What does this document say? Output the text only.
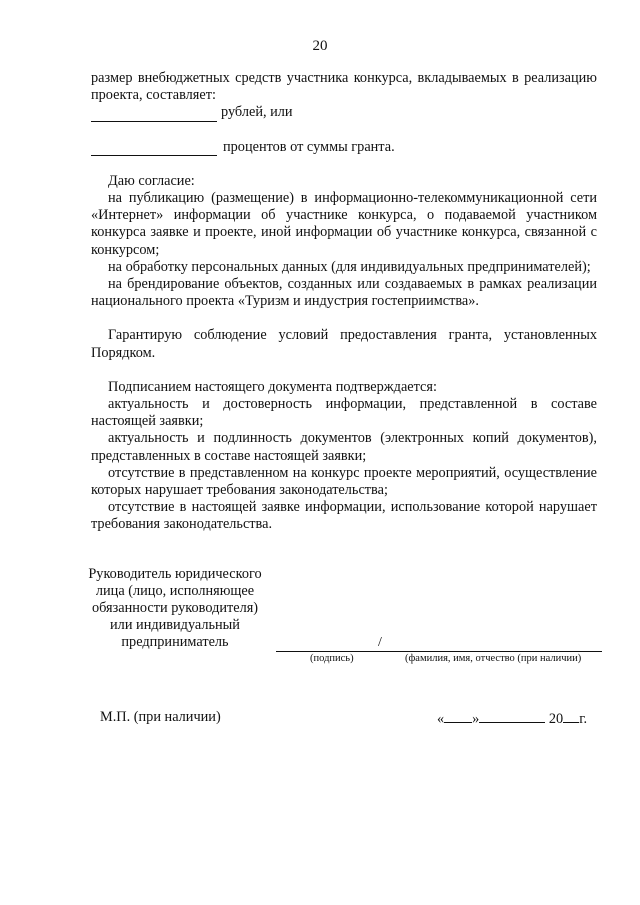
20

размер внебюджетных средств участника конкурса, вкладываемых в реализацию проекта, составляет:

рублей, или
процентов от суммы гранта.

Даю согласие:

на публикацию (размещение) в информационно-телекоммуникационной сети «Интернет» информации об участнике конкурса, о подаваемой участником конкурса заявке и проекте, иной информации об участнике конкурса, связанной с конкурсом;

на обработку персональных данных (для индивидуальных предпринимателей);

на брендирование объектов, созданных или создаваемых в рамках реализации национального проекта «Туризм и индустрия гостеприимства».

Гарантирую соблюдение условий предоставления гранта, установленных Порядком.

Подписанием настоящего документа подтверждается:

актуальность и достоверность информации, представленной в составе настоящей заявки;

актуальность и подлинность документов (электронных копий документов), представленных в составе настоящей заявки;

отсутствие в представленном на конкурс проекте мероприятий, осуществление которых нарушает требования законодательства;

отсутствие в настоящей заявке информации, использование которой нарушает требования законодательства.

Руководитель юридического
лица (лицо, исполняющее
обязанности руководителя)
или индивидуальный
предприниматель	/
(подпись)	(фамилия, имя, отчество (при наличии)
М.П. (при наличии)	« »	20 г.
